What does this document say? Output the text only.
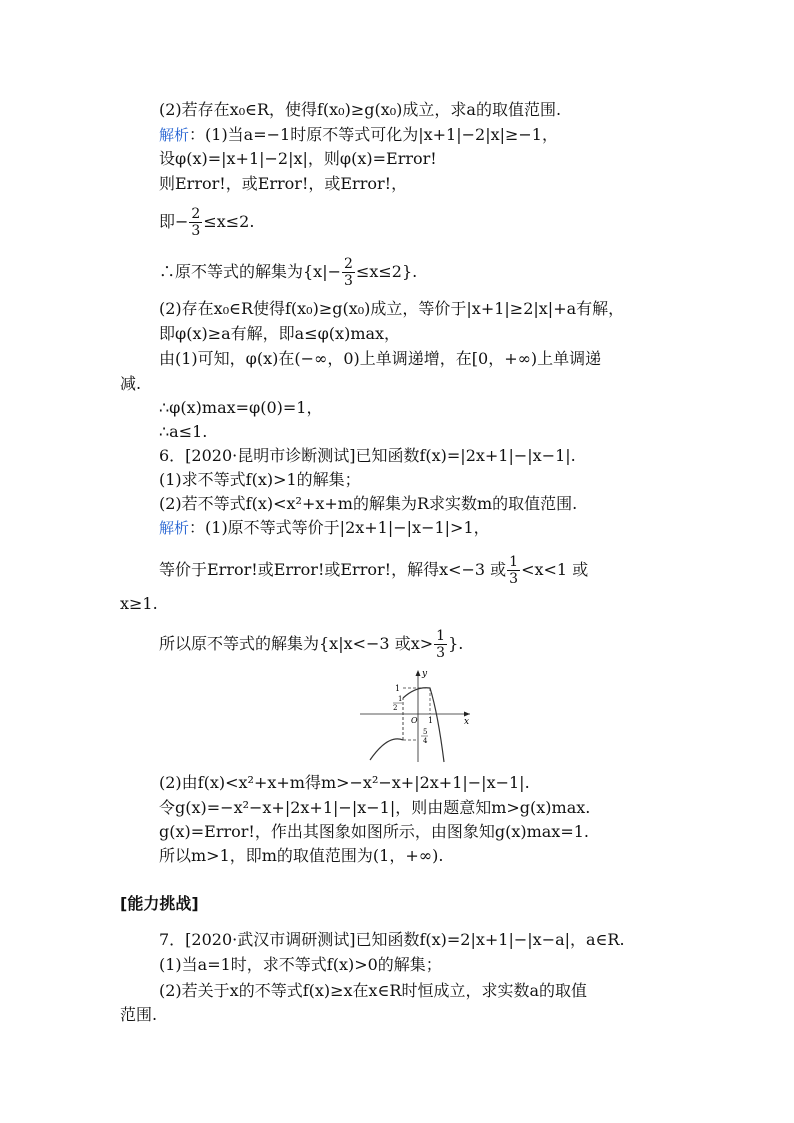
(2)若存在x₀∈R，使得f(x₀)≥g(x₀)成立，求a的取值范围.
解析：(1)当a=−1时原不等式可化为|x+1|−2|x|≥−1，
设φ(x)=|x+1|−2|x|，则φ(x)=Error!
则Error!，或Error!，或Error!，
即− $\frac{2}{3} \le x\le 2$.
∴原不等式的解集为$\{x|- \frac{2}{3} \le x\le 2\}$.
(2)存在x₀∈R使得f(x₀)≥g(x₀)成立，等价于|x+1|≥2|x|+a有解，
即φ(x)≥a有解，即a≤φ(x)max，
由(1)可知，φ(x)在(−∞，0)上单调递增，在[0，+∞)上单调递
减.
∴φ(x)max=φ(0)=1，
∴a≤1.
6．[2020·昆明市诊断测试]已知函数f(x)=|2x+1|−|x−1|.
(1)求不等式f(x)>1的解集；
(2)若不等式f(x)<x²+x+m的解集为R求实数m的取值范围.
解析：(1)原不等式等价于|2x+1|−|x−1|>1，
等价于Error!或Error!或Error!，解得x<−3 或 $\frac{1}{3} <x<1$ 或
x≥1.
所以原不等式的解集为{x|x<−3 或$x> \frac{1}{3}$ }.
y
x
O
1
1
2
5
4
1
(2)由f(x)<x²+x+m得m>−x²−x+|2x+1|−|x−1|.
令g(x)=−x²−x+|2x+1|−|x−1|，则由题意知m>g(x)max.
g(x)=Error!，作出其图象如图所示，由图象知g(x)max=1.
所以m>1，即m的取值范围为(1，+∞).
[能力挑战]
7．[2020·武汉市调研测试]已知函数f(x)=2|x+1|−|x−a|，a∈R.
(1)当a=1时，求不等式f(x)>0的解集；
(2)若关于x的不等式f(x)≥x在x∈R时恒成立，求实数a的取值
范围.
